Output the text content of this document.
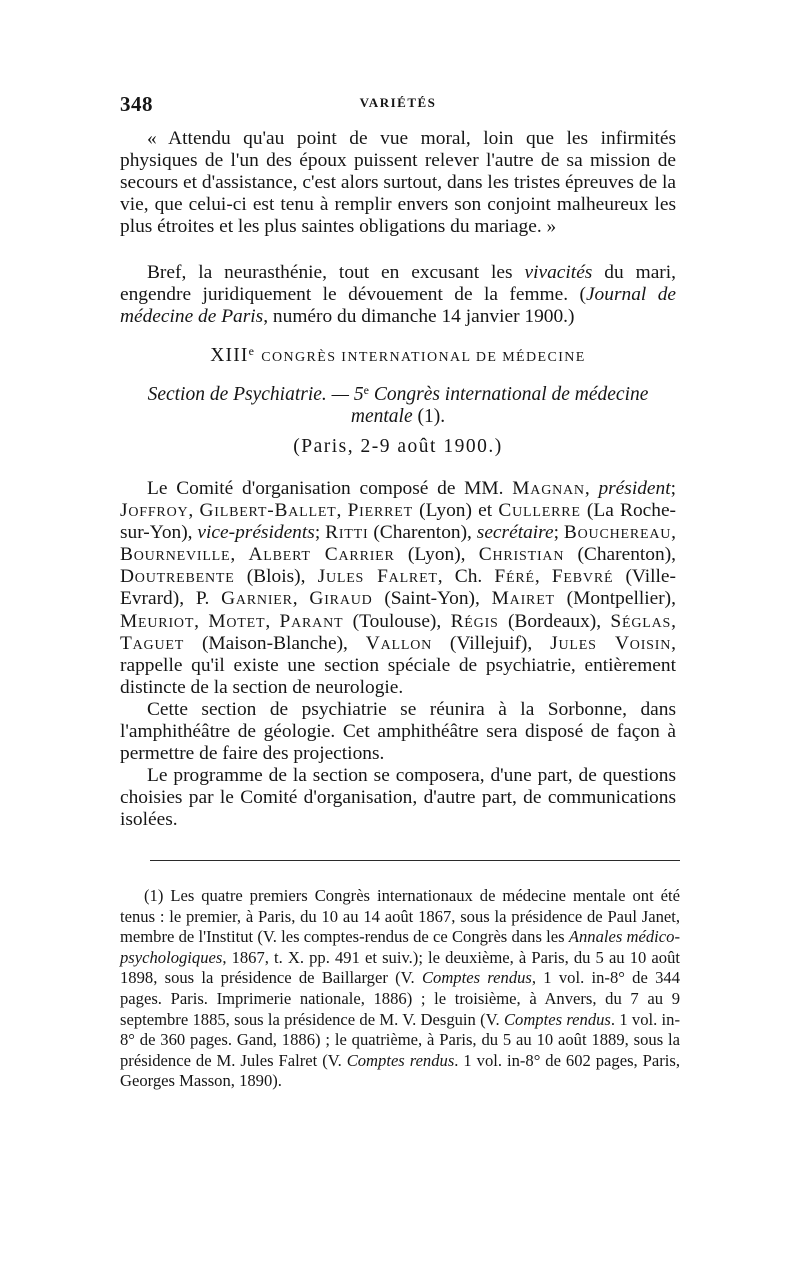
348	VARIÉTÉS

« Attendu qu'au point de vue moral, loin que les infirmités physiques de l'un des époux puissent relever l'autre de sa mission de secours et d'assistance, c'est alors surtout, dans les tristes épreuves de la vie, que celui-ci est tenu à remplir envers son conjoint malheureux les plus étroites et les plus saintes obligations du mariage. »

Bref, la neurasthénie, tout en excusant les vivacités du mari, engendre juridiquement le dévouement de la femme. (Journal de médecine de Paris, numéro du dimanche 14 janvier 1900.)

XIIIe CONGRÈS INTERNATIONAL DE MÉDECINE
Section de Psychiatrie. — 5e Congrès international de médecine mentale (1).
(Paris, 2-9 août 1900.)

Le Comité d'organisation composé de MM. Magnan, président; Joffroy, Gilbert-Ballet, Pierret (Lyon) et Cullerre (La Roche-sur-Yon), vice-présidents; Ritti (Charenton), secrétaire; Bouchereau, Bourneville, Albert Carrier (Lyon), Christian (Charenton), Doutrebente (Blois), Jules Falret, Ch. Féré, Febvré (Ville-Evrard), P. Garnier, Giraud (Saint-Yon), Mairet (Montpellier), Meuriot, Motet, Parant (Toulouse), Régis (Bordeaux), Séglas, Taguet (Maison-Blanche), Vallon (Villejuif), Jules Voisin, rappelle qu'il existe une section spéciale de psychiatrie, entièrement distincte de la section de neurologie.

Cette section de psychiatrie se réunira à la Sorbonne, dans l'amphithéâtre de géologie. Cet amphithéâtre sera disposé de façon à permettre de faire des projections.

Le programme de la section se composera, d'une part, de questions choisies par le Comité d'organisation, d'autre part, de communications isolées.

(1) Les quatre premiers Congrès internationaux de médecine mentale ont été tenus : le premier, à Paris, du 10 au 14 août 1867, sous la présidence de Paul Janet, membre de l'Institut (V. les comptes-rendus de ce Congrès dans les Annales médico-psychologiques, 1867, t. X. pp. 491 et suiv.); le deuxième, à Paris, du 5 au 10 août 1898, sous la présidence de Baillarger (V. Comptes rendus, 1 vol. in-8° de 344 pages. Paris. Imprimerie nationale, 1886) ; le troisième, à Anvers, du 7 au 9 septembre 1885, sous la présidence de M. V. Desguin (V. Comptes rendus. 1 vol. in-8° de 360 pages. Gand, 1886) ; le quatrième, à Paris, du 5 au 10 août 1889, sous la présidence de M. Jules Falret (V. Comptes rendus. 1 vol. in-8° de 602 pages, Paris, Georges Masson, 1890).
